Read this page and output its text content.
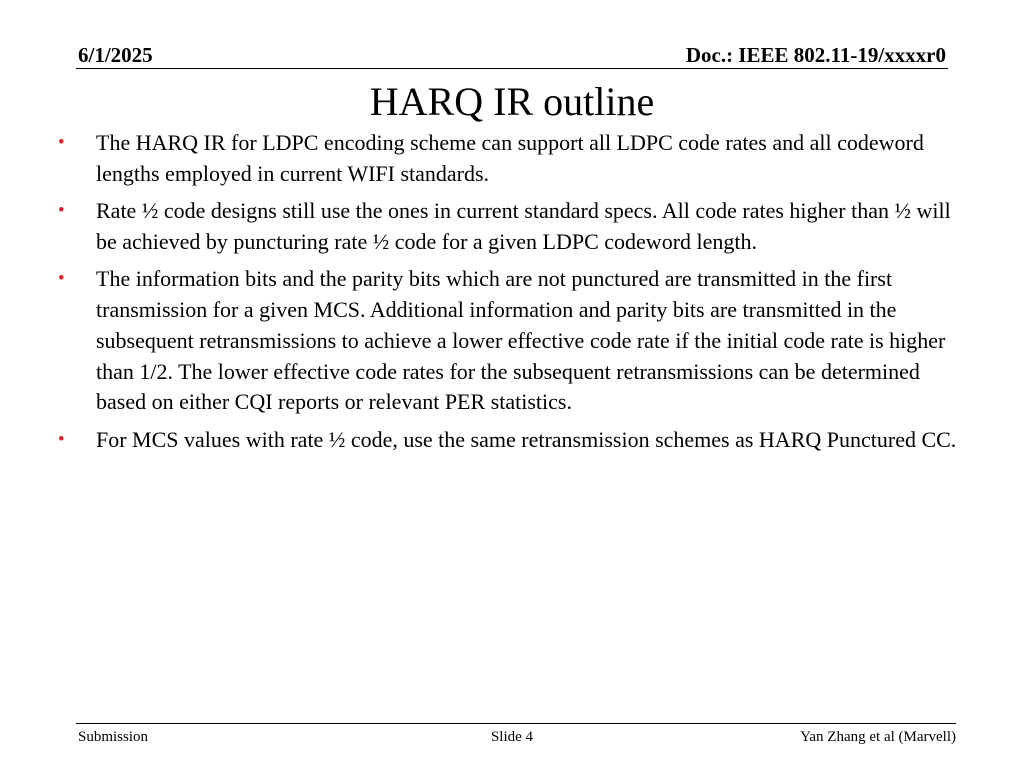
6/1/2025	Doc.: IEEE 802.11-19/xxxxr0
HARQ IR outline
• The HARQ IR for LDPC encoding scheme can support all LDPC code rates and all codeword lengths employed in current WIFI standards.
• Rate ½ code designs still use the ones in current standard specs. All code rates higher than ½ will be achieved by puncturing rate ½ code for a given LDPC codeword length.
• The information bits and the parity bits which are not punctured are transmitted in the first transmission for a given MCS. Additional information and parity bits are transmitted in the subsequent retransmissions to achieve a lower effective code rate if the initial code rate is higher than 1/2. The lower effective code rates for the subsequent retransmissions can be determined based on either CQI reports or relevant PER statistics.
• For MCS values with rate ½ code, use the same retransmission schemes as HARQ Punctured CC.
Submission	Slide 4	Yan Zhang et al (Marvell)
